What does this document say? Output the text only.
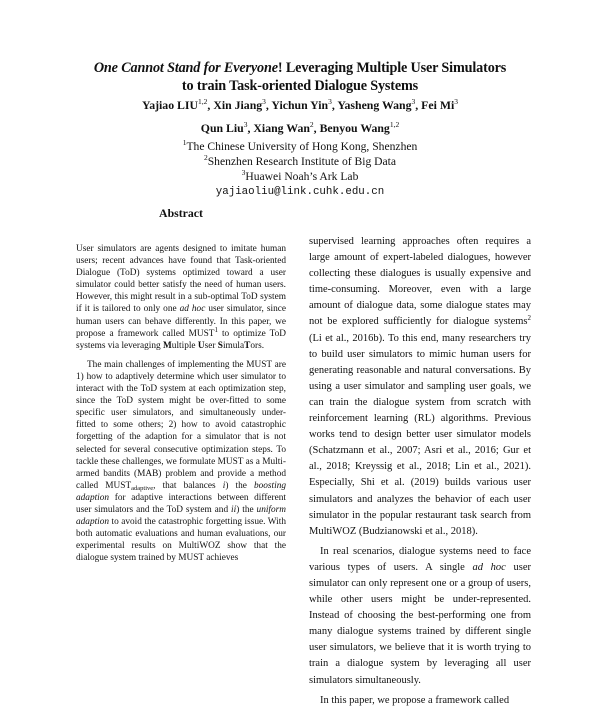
One Cannot Stand for Everyone! Leveraging Multiple User Simulators
to train Task-oriented Dialogue Systems
Yajiao LIU$^{1,2}$, Xin Jiang$^3$, Yichun Yin$^3$, Yasheng Wang$^3$, Fei Mi$^3$
Qun Liu$^3$, Xiang Wan$^2$, Benyou Wang$^{1,2}$
$^1$The Chinese University of Hong Kong, Shenzhen
$^2$Shenzhen Research Institute of Big Data
$^3$Huawei Noah’s Ark Lab
yajiaoliu@link.cuhk.edu.cn
Abstract

User simulators are agents designed to imitate human users; recent advances have found that Task-oriented Dialogue (ToD) systems optimized toward a user simulator could better satisfy the need of human users. However, this might result in a sub-optimal ToD system if it is tailored to only one ad hoc user simulator, since human users can behave differently. In this paper, we propose a framework called MUST$^1$ to optimize ToD systems via leveraging Multiple User SimulaTors.

The main challenges of implementing the MUST are 1) how to adaptively determine which user simulator to interact with the ToD system at each optimization step, since the ToD system might be over-fitted to some specific user simulators, and simultaneously under-fitted to some others; 2) how to avoid catastrophic forgetting of the adaption for a simulator that is not selected for several consecutive optimization steps. To tackle these challenges, we formulate MUST as a Multi-armed bandits (MAB) problem and provide a method called $MUST_{adaptive}$, that balances i) the boosting adaption for adaptive interactions between different user simulators and the ToD system and ii) the uniform adaption to avoid the catastrophic forgetting issue. With both automatic evaluations and human evaluations, our experimental results on MultiWOZ show that the dialogue system trained by MUST achieves

supervised learning approaches often requires a large amount of expert-labeled dialogues, however collecting these dialogues is usually expensive and time-consuming. Moreover, even with a large amount of dialogue data, some dialogue states may not be explored sufficiently for dialogue systems$^2$ (Li et al., 2016b). To this end, many researchers try to build user simulators to mimic human users for generating reasonable and natural conversations. By using a user simulator and sampling user goals, we can train the dialogue system from scratch with reinforcement learning (RL) algorithms. Previous works tend to design better user simulator models (Schatzmann et al., 2007; Asri et al., 2016; Gur et al., 2018; Kreyssig et al., 2018; Lin et al., 2021). Especially, Shi et al. (2019) builds various user simulators and analyzes the behavior of each user simulator in the popular restaurant task search from MultiWOZ (Budzianowski et al., 2018).

In real scenarios, dialogue systems need to face various types of users. A single ad hoc user simulator can only represent one or a group of users, while other users might be under-represented. Instead of choosing the best-performing one from many dialogue systems trained by different single user simulators, we believe that it is worth trying to train a dialogue system by leveraging all user simulators simultaneously.

In this paper, we propose a framework called
